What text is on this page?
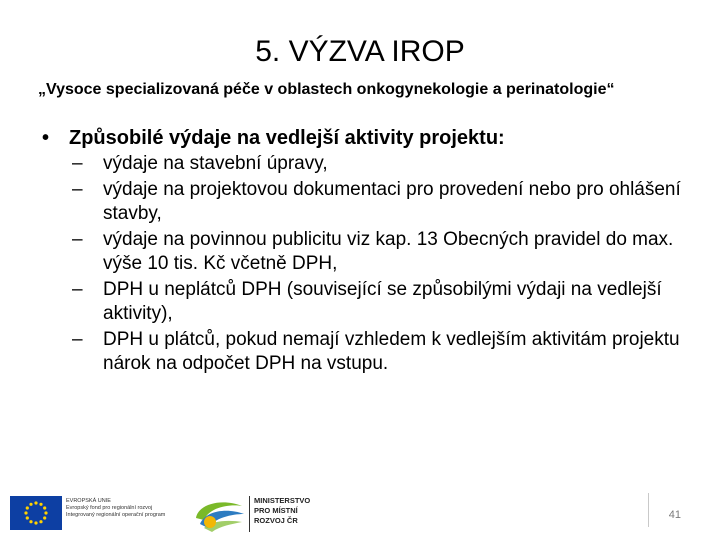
5. VÝZVA IROP
„Vysoce specializovaná péče v oblastech onkogynekologie a perinatologie“
• Způsobilé výdaje na vedlejší aktivity projektu:
– výdaje na stavební úpravy,
– výdaje na projektovou dokumentaci pro provedení nebo pro ohlášení stavby,
– výdaje na povinnou publicitu viz kap. 13 Obecných pravidel do max. výše 10 tis. Kč včetně DPH,
– DPH u neplátců DPH (související se způsobilými výdaji na vedlejší aktivity),
– DPH u plátců, pokud nemají vzhledem k vedlejším aktivitám projektu nárok na odpočet DPH na vstupu.
EVROPSKÁ UNIE
Evropský fond pro regionální rozvoj
Integrovaný regionální operační program
MINISTERSTVO
PRO MÍSTNÍ
ROZVOJ ČR	41
